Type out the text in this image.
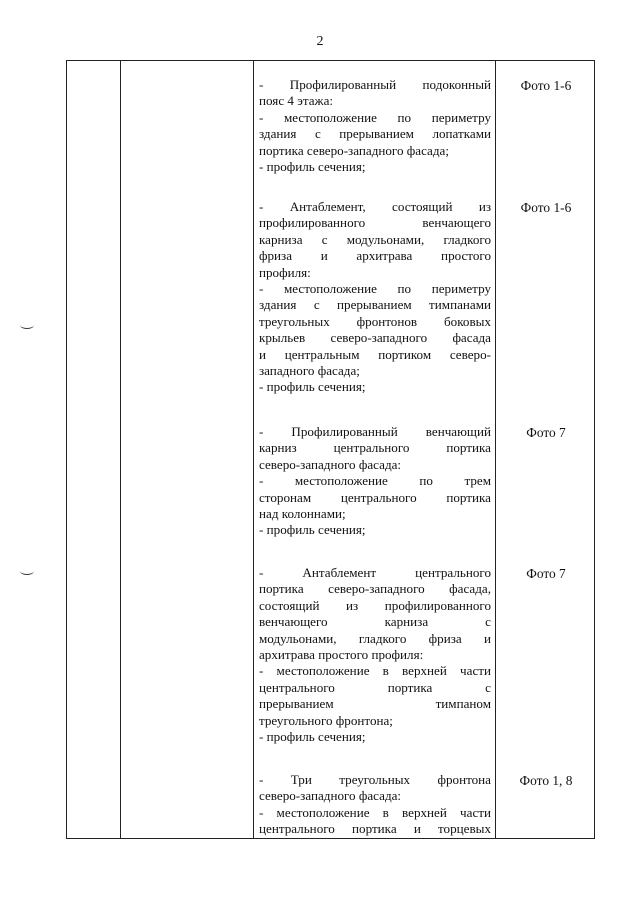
2
- Профилированный подоконный
пояс 4 этажа:
- местоположение по периметру
здания с прерыванием лопатками
портика северо-западного фасада;
- профиль сечения;
Фото 1-6
- Антаблемент, состоящий из
профилированного венчающего
карниза с модульонами, гладкого
фриза и архитрава простого
профиля:
- местоположение по периметру
здания с прерыванием тимпанами
треугольных фронтонов боковых
крыльев северо-западного фасада
и центральным портиком северо-
западного фасада;
- профиль сечения;
Фото 1-6
- Профилированный венчающий
карниз центрального портика
северо-западного фасада:
- местоположение по трем
сторонам центрального портика
над колоннами;
- профиль сечения;
Фото 7
- Антаблемент центрального
портика северо-западного фасада,
состоящий из профилированного
венчающего карниза с
модульонами, гладкого фриза и
архитрава простого профиля:
- местоположение в верхней части
центрального портика с
прерыванием тимпаном
треугольного фронтона;
- профиль сечения;
Фото 7
- Три треугольных фронтона
северо-западного фасада:
- местоположение в верхней части
центрального портика и торцевых
Фото 1, 8
